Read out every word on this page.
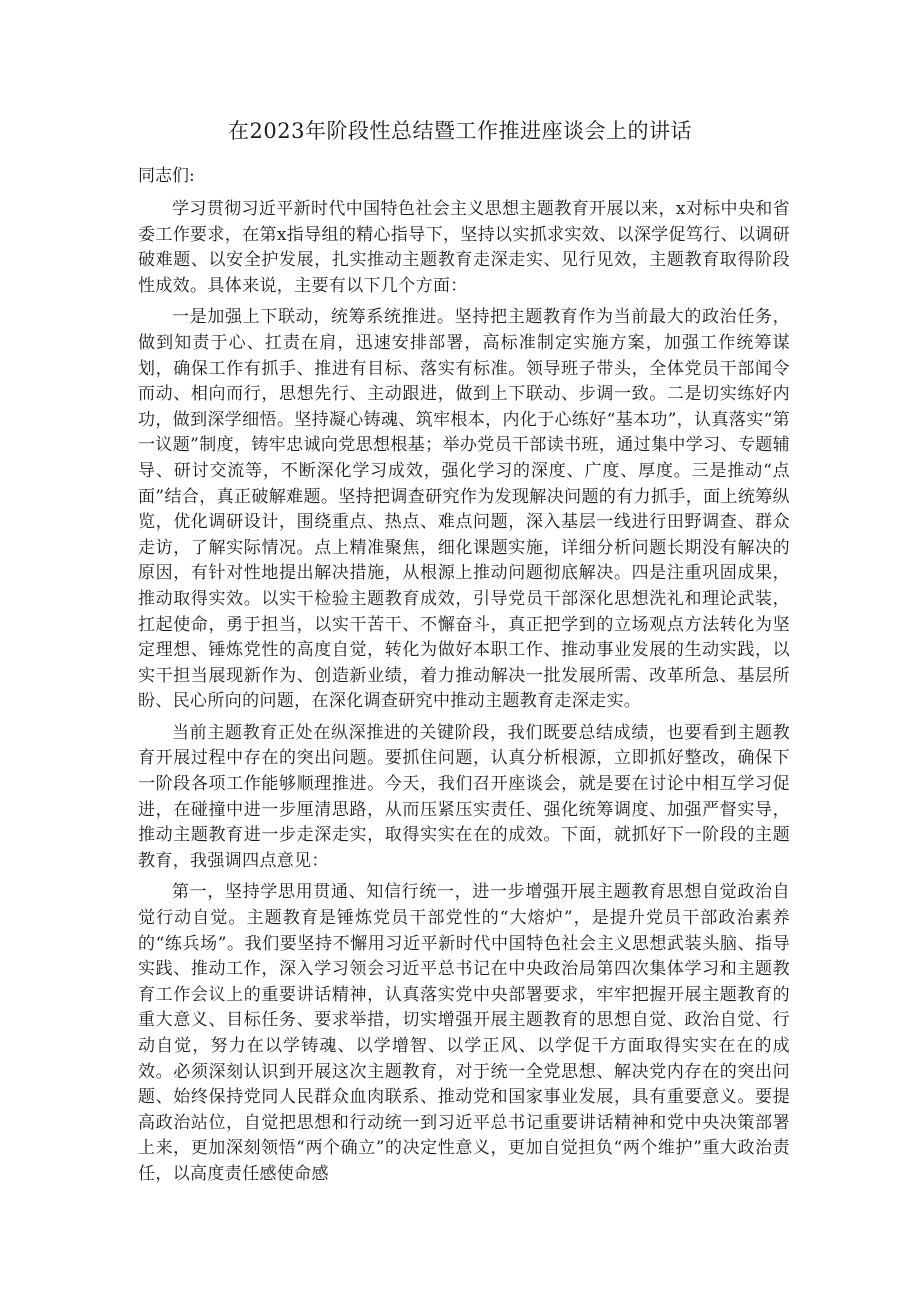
在2023年阶段性总结暨工作推进座谈会上的讲话

同志们:

学习贯彻习近平新时代中国特色社会主义思想主题教育开展以来，x对标中央和省委工作要求，在第x指导组的精心指导下，坚持以实抓求实效、以深学促笃行、以调研破难题、以安全护发展，扎实推动主题教育走深走实、见行见效，主题教育取得阶段性成效。具体来说，主要有以下几个方面：

一是加强上下联动，统筹系统推进。坚持把主题教育作为当前最大的政治任务，做到知责于心、扛责在肩，迅速安排部署，高标准制定实施方案，加强工作统筹谋划，确保工作有抓手、推进有目标、落实有标准。领导班子带头，全体党员干部闻令而动、相向而行，思想先行、主动跟进，做到上下联动、步调一致。二是切实练好内功，做到深学细悟。坚持凝心铸魂、筑牢根本，内化于心练好“基本功”，认真落实“第一议题”制度，铸牢忠诚向党思想根基；举办党员干部读书班，通过集中学习、专题辅导、研讨交流等，不断深化学习成效，强化学习的深度、广度、厚度。三是推动“点面”结合，真正破解难题。坚持把调查研究作为发现解决问题的有力抓手，面上统筹纵览，优化调研设计，围绕重点、热点、难点问题，深入基层一线进行田野调查、群众走访，了解实际情况。点上精准聚焦，细化课题实施，详细分析问题长期没有解决的原因，有针对性地提出解决措施，从根源上推动问题彻底解决。四是注重巩固成果，推动取得实效。以实干检验主题教育成效，引导党员干部深化思想洗礼和理论武装，扛起使命，勇于担当，以实干苦干、不懈奋斗，真正把学到的立场观点方法转化为坚定理想、锤炼党性的高度自觉，转化为做好本职工作、推动事业发展的生动实践，以实干担当展现新作为、创造新业绩，着力推动解决一批发展所需、改革所急、基层所盼、民心所向的问题，在深化调查研究中推动主题教育走深走实。

当前主题教育正处在纵深推进的关键阶段，我们既要总结成绩，也要看到主题教育开展过程中存在的突出问题。要抓住问题，认真分析根源，立即抓好整改，确保下一阶段各项工作能够顺理推进。今天，我们召开座谈会，就是要在讨论中相互学习促进，在碰撞中进一步厘清思路，从而压紧压实责任、强化统筹调度、加强严督实导，推动主题教育进一步走深走实，取得实实在在的成效。下面，就抓好下一阶段的主题教育，我强调四点意见：

第一，坚持学思用贯通、知信行统一，进一步增强开展主题教育思想自觉政治自觉行动自觉。主题教育是锤炼党员干部党性的“大熔炉”，是提升党员干部政治素养的“练兵场”。我们要坚持不懈用习近平新时代中国特色社会主义思想武装头脑、指导实践、推动工作，深入学习领会习近平总书记在中央政治局第四次集体学习和主题教育工作会议上的重要讲话精神，认真落实党中央部署要求，牢牢把握开展主题教育的重大意义、目标任务、要求举措，切实增强开展主题教育的思想自觉、政治自觉、行动自觉，努力在以学铸魂、以学增智、以学正风、以学促干方面取得实实在在的成效。必须深刻认识到开展这次主题教育，对于统一全党思想、解决党内存在的突出问题、始终保持党同人民群众血肉联系、推动党和国家事业发展，具有重要意义。要提高政治站位，自觉把思想和行动统一到习近平总书记重要讲话精神和党中央决策部署上来，更加深刻领悟“两个确立”的决定性意义，更加自觉担负“两个维护”重大政治责任，以高度责任感使命感
